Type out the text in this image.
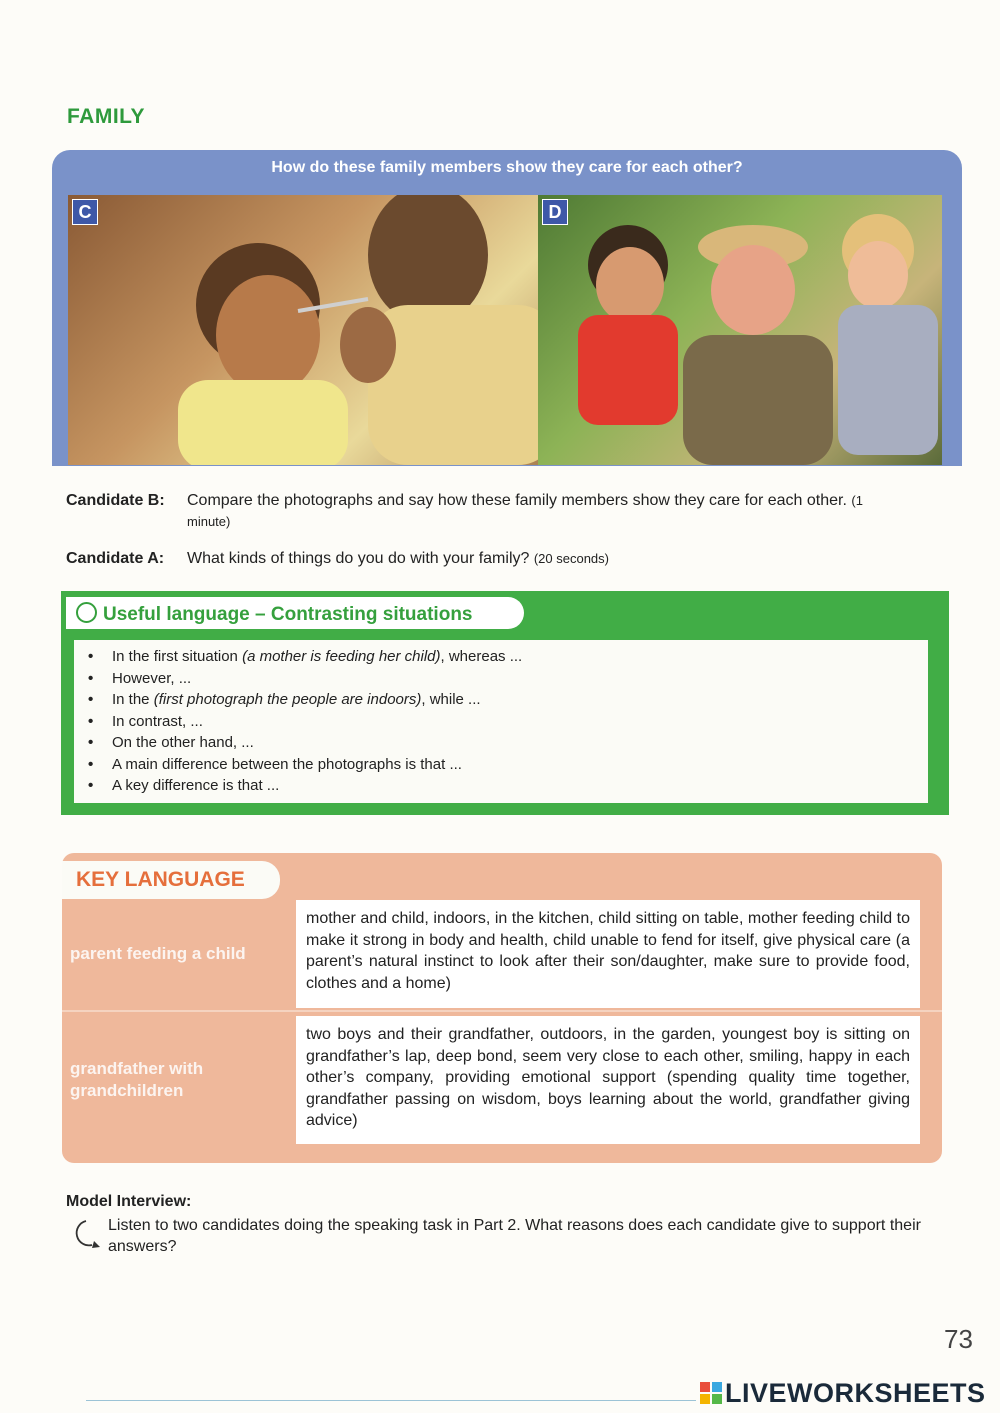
FAMILY
How do these family members show they care for each other?
C	D
Candidate B: Compare the photographs and say how these family members show they care for each other. (1 minute)
Candidate A: What kinds of things do you do with your family? (20 seconds)
Useful language – Contrasting situations
• In the first situation (a mother is feeding her child), whereas ...
• However, ...
• In the (first photograph the people are indoors), while ...
• In contrast, ...
• On the other hand, ...
• A main difference between the photographs is that ...
• A key difference is that ...
KEY LANGUAGE
parent feeding a child
mother and child, indoors, in the kitchen, child sitting on table, mother feeding child to make it strong in body and health, child unable to fend for itself, give physical care (a parent’s natural instinct to look after their son/daughter, make sure to provide food, clothes and a home)
grandfather with grandchildren
two boys and their grandfather, outdoors, in the garden, youngest boy is sitting on grandfather’s lap, deep bond, seem very close to each other, smiling, happy in each other’s company, providing emotional support (spending quality time together, grandfather passing on wisdom, boys learning about the world, grandfather giving advice)
Model Interview:
Listen to two candidates doing the speaking task in Part 2. What reasons does each candidate give to support their answers?
73
LIVEWORKSHEETS
